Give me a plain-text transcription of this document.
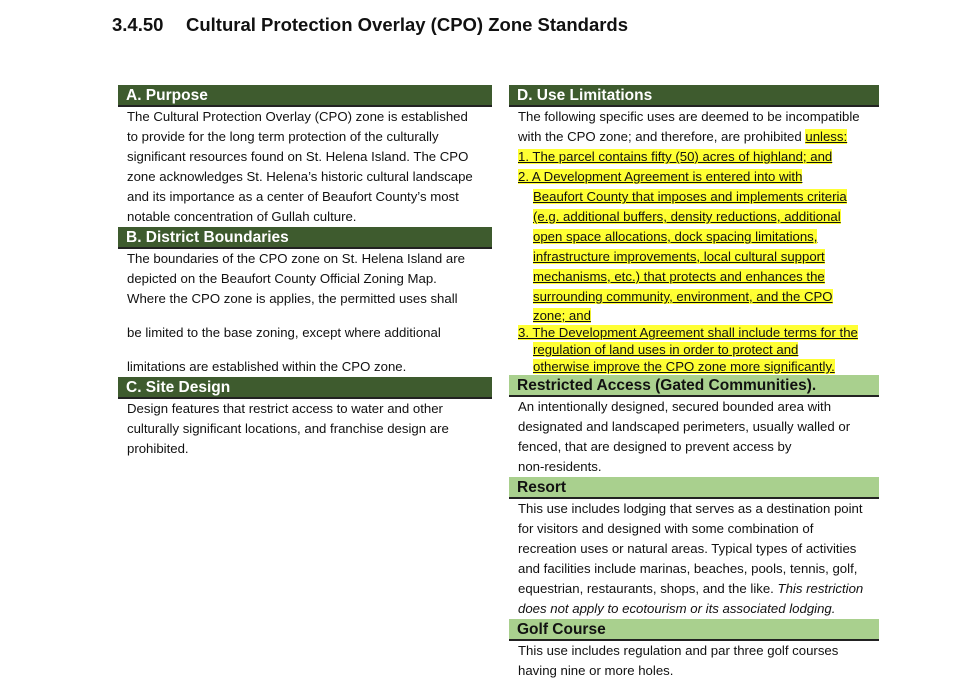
3.4.50 Cultural Protection Overlay (CPO) Zone Standards
A. Purpose
The Cultural Protection Overlay (CPO) zone is established
to provide for the long term protection of the culturally
significant resources found on St. Helena Island. The CPO
zone acknowledges St. Helena’s historic cultural landscape
and its importance as a center of Beaufort County’s most
notable concentration of Gullah culture.
B. District Boundaries
The boundaries of the CPO zone on St. Helena Island are
depicted on the Beaufort County Official Zoning Map.
Where the CPO zone is applies, the permitted uses shall
be limited to the base zoning, except where additional
limitations are established within the CPO zone.
C. Site Design
Design features that restrict access to water and other
culturally significant locations, and franchise design are
prohibited.
D. Use Limitations
The following specific uses are deemed to be incompatible
with the CPO zone; and therefore, are prohibited unless:
1. The parcel contains fifty (50) acres of highland; and
2. A Development Agreement is entered into with
Beaufort County that imposes and implements criteria
(e.g. additional buffers, density reductions, additional
open space allocations, dock spacing limitations,
infrastructure improvements, local cultural support
mechanisms, etc.) that protects and enhances the
surrounding community, environment, and the CPO
zone; and
3. The Development Agreement shall include terms for the
regulation of land uses in order to protect and
otherwise improve the CPO zone more significantly.
Restricted Access (Gated Communities).
An intentionally designed, secured bounded area with
designated and landscaped perimeters, usually walled or
fenced, that are designed to prevent access by
non-residents.
Resort
This use includes lodging that serves as a destination point
for visitors and designed with some combination of
recreation uses or natural areas. Typical types of activities
and facilities include marinas, beaches, pools, tennis, golf,
equestrian, restaurants, shops, and the like. This restriction
does not apply to ecotourism or its associated lodging.
Golf Course
This use includes regulation and par three golf courses
having nine or more holes.
